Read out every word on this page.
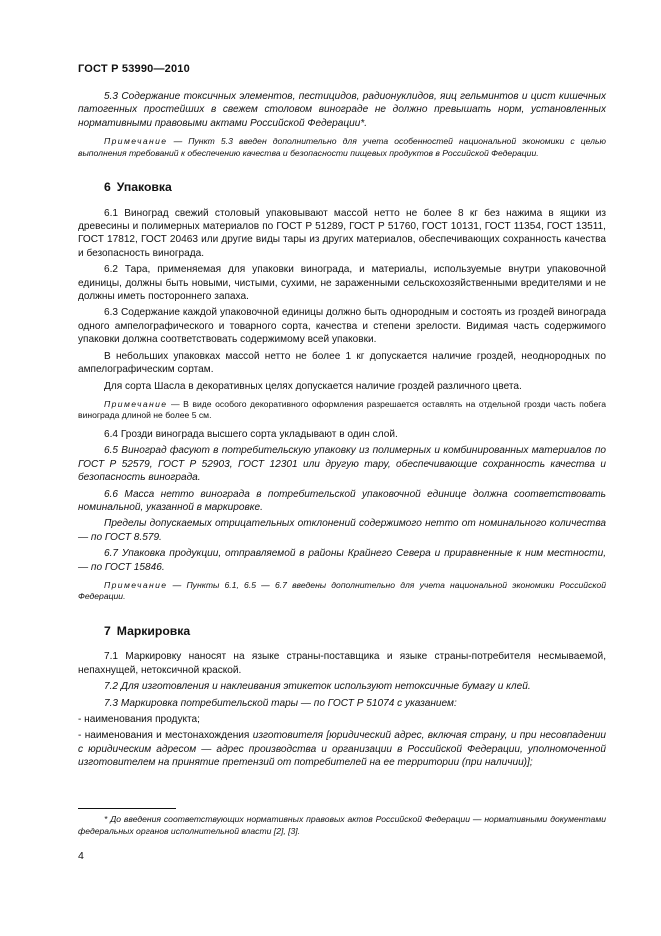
ГОСТ Р 53990—2010

5.3 Содержание токсичных элементов, пестицидов, радионуклидов, яиц гельминтов и цист кишечных патогенных простейших в свежем столовом винограде не должно превышать норм, установленных нормативными правовыми актами Российской Федерации*.

Примечание — Пункт 5.3 введен дополнительно для учета особенностей национальной экономики с целью выполнения требований к обеспечению качества и безопасности пищевых продуктов в Российской Федерации.

6 Упаковка

6.1 Виноград свежий столовый упаковывают массой нетто не более 8 кг без нажима в ящики из древесины и полимерных материалов по ГОСТ Р 51289, ГОСТ Р 51760, ГОСТ 10131, ГОСТ 11354, ГОСТ 13511, ГОСТ 17812, ГОСТ 20463 или другие виды тары из других материалов, обеспечивающих сохранность качества и безопасность винограда.

6.2 Тара, применяемая для упаковки винограда, и материалы, используемые внутри упаковочной единицы, должны быть новыми, чистыми, сухими, не зараженными сельскохозяйственными вредителями и не должны иметь постороннего запаха.

6.3 Содержание каждой упаковочной единицы должно быть однородным и состоять из гроздей винограда одного ампелографического и товарного сорта, качества и степени зрелости. Видимая часть содержимого упаковки должна соответствовать содержимому всей упаковки.

В небольших упаковках массой нетто не более 1 кг допускается наличие гроздей, неоднородных по ампелографическим сортам.

Для сорта Шасла в декоративных целях допускается наличие гроздей различного цвета.

Примечание — В виде особого декоративного оформления разрешается оставлять на отдельной грозди часть побега винограда длиной не более 5 см.

6.4 Грозди винограда высшего сорта укладывают в один слой.

6.5 Виноград фасуют в потребительскую упаковку из полимерных и комбинированных материалов по ГОСТ Р 52579, ГОСТ Р 52903, ГОСТ 12301 или другую тару, обеспечивающие сохранность качества и безопасность винограда.

6.6 Масса нетто винограда в потребительской упаковочной единице должна соответствовать номинальной, указанной в маркировке.

Пределы допускаемых отрицательных отклонений содержимого нетто от номинального количества — по ГОСТ 8.579.

6.7 Упаковка продукции, отправляемой в районы Крайнего Севера и приравненные к ним местности, — по ГОСТ 15846.

Примечание — Пункты 6.1, 6.5 — 6.7 введены дополнительно для учета национальной экономики Российской Федерации.

7 Маркировка

7.1 Маркировку наносят на языке страны-поставщика и языке страны-потребителя несмываемой, непахнущей, нетоксичной краской.

7.2 Для изготовления и наклеивания этикеток используют нетоксичные бумагу и клей.

7.3 Маркировка потребительской тары — по ГОСТ Р 51074 с указанием:

- наименования продукта;

- наименования и местонахождения изготовителя [юридический адрес, включая страну, и при несовпадении с юридическим адресом — адрес производства и организации в Российской Федерации, уполномоченной изготовителем на принятие претензий от потребителей на ее территории (при наличии)];

* До введения соответствующих нормативных правовых актов Российской Федерации — нормативными документами федеральных органов исполнительной власти [2], [3].
4
